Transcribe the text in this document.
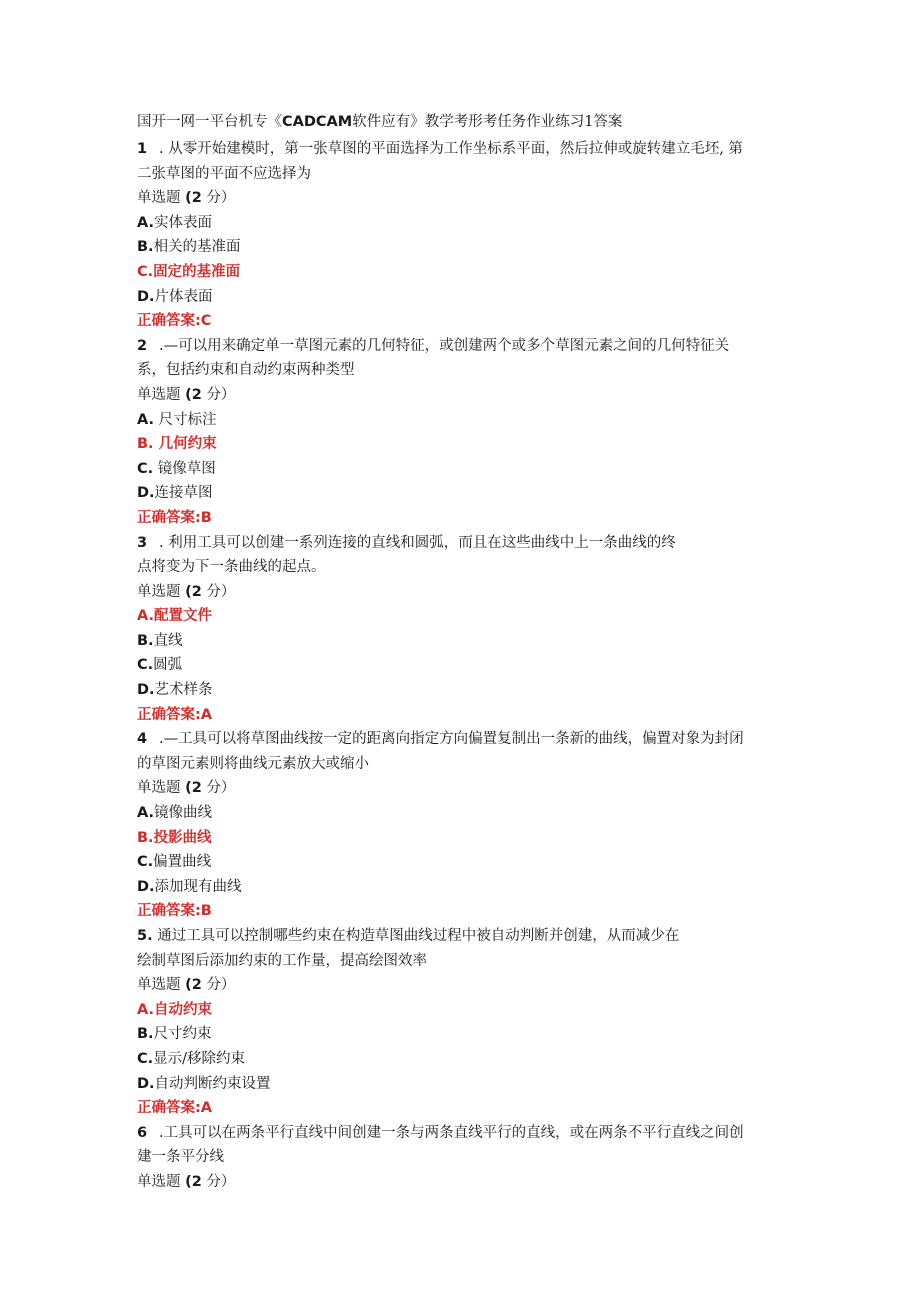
国开一网一平台机专《CADCAM软件应有》教学考形考任务作业练习1答案
1 . 从零开始建模时，第一张草图的平面选择为工作坐标系平面，然后拉伸或旋转建立毛坯, 第
二张草图的平面不应选择为
单选题 (2 分）
A.实体表面
B.相关的基准面
C.固定的基准面
D.片体表面
正确答案:C
2 .—可以用来确定单一草图元素的几何特征，或创建两个或多个草图元素之间的几何特征关
系，包括约束和自动约束两种类型
单选题 (2 分）
A. 尺寸标注
B. 几何约束
C. 镜像草图
D.连接草图
正确答案:B
3 . 利用工具可以创建一系列连接的直线和圆弧，而且在这些曲线中上一条曲线的终
点将变为下一条曲线的起点。
单选题 (2 分）
A.配置文件
B.直线
C.圆弧
D.艺术样条
正确答案:A
4 .—工具可以将草图曲线按一定的距离向指定方向偏置复制出一条新的曲线，偏置对象为封闭
的草图元素则将曲线元素放大或缩小
单选题 (2 分）
A.镜像曲线
B.投影曲线
C.偏置曲线
D.添加现有曲线
正确答案:B
5. 通过工具可以控制哪些约束在构造草图曲线过程中被自动判断并创建，从而减少在
绘制草图后添加约束的工作量，提高绘图效率
单选题 (2 分）
A.自动约束
B.尺寸约束
C.显示/移除约束
D.自动判断约束设置
正确答案:A
6 .工具可以在两条平行直线中间创建一条与两条直线平行的直线，或在两条不平行直线之间创
建一条平分线
单选题 (2 分）
